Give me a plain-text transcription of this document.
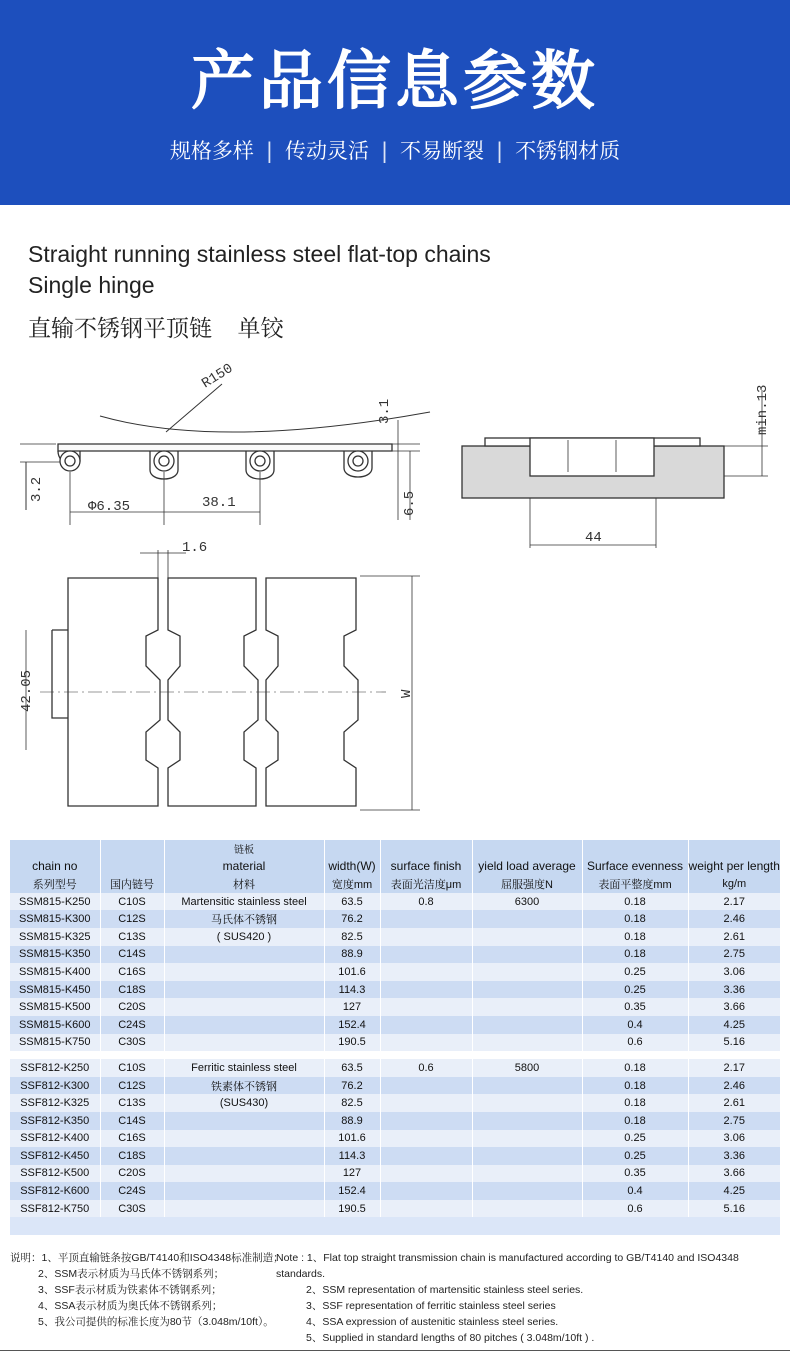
产品信息参数
规格多样 | 传动灵活 | 不易断裂 | 不锈钢材质
Straight running stainless steel flat-top chains
Single hinge
直输不锈钢平顶链    单铰
R150
3.1
3.2
Φ6.35	38.1	6.5
min.13
44
1.6
42.05	W
		链板					
chain no		material	width(W)	surface finish	yield load average	Surface evenness	weight per length
系列型号	国内链号	材料	宽度mm	表面光洁度μm	屈服强度N	表面平整度mm	kg/m
SSM815-K250	C10S	Martensitic stainless steel	63.5	0.8	6300	0.18	2.17
SSM815-K300	C12S	马氏体不锈钢	76.2			0.18	2.46
SSM815-K325	C13S	( SUS420 )	82.5			0.18	2.61
SSM815-K350	C14S		88.9			0.18	2.75
SSM815-K400	C16S		101.6			0.25	3.06
SSM815-K450	C18S		114.3			0.25	3.36
SSM815-K500	C20S		127			0.35	3.66
SSM815-K600	C24S		152.4			0.4	4.25
SSM815-K750	C30S		190.5			0.6	5.16

SSF812-K250	C10S	Ferritic stainless steel	63.5	0.6	5800	0.18	2.17
SSF812-K300	C12S	铁素体不锈钢	76.2			0.18	2.46
SSF812-K325	C13S	(SUS430)	82.5			0.18	2.61
SSF812-K350	C14S		88.9			0.18	2.75
SSF812-K400	C16S		101.6			0.25	3.06
SSF812-K450	C18S		114.3			0.25	3.36
SSF812-K500	C20S		127			0.35	3.66
SSF812-K600	C24S		152.4			0.4	4.25
SSF812-K750	C30S		190.5			0.6	5.16
说明：1、平顶直输链条按GB/T4140和ISO4348标准制造；
2、SSM表示材质为马氏体不锈钢系列；
3、SSF表示材质为铁素体不锈钢系列；
4、SSA表示材质为奥氏体不锈钢系列；
5、我公司提供的标准长度为80节（3.048m/10ft）。
Note : 1、Flat top straight transmission chain is manufactured according to GB/T4140 and ISO4348 standards.
2、SSM representation of martensitic stainless steel series.
3、SSF representation of ferritic stainless steel series
4、SSA expression of austenitic stainless steel series.
5、Supplied in standard lengths of 80 pitches ( 3.048m/10ft ) .
